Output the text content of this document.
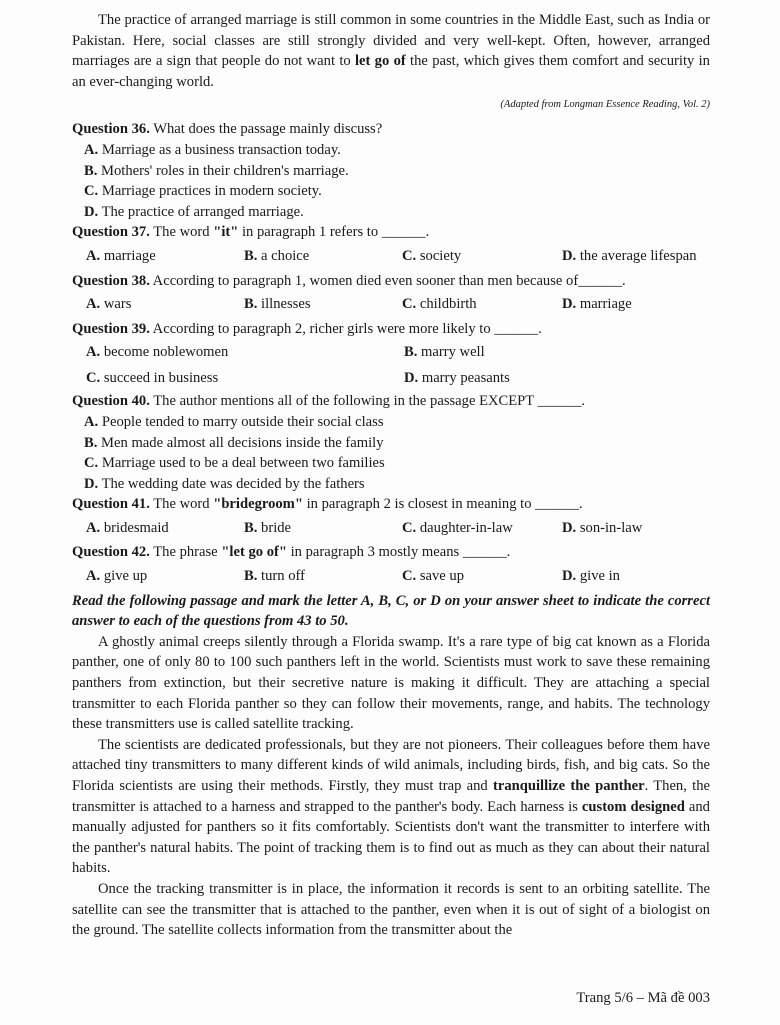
The practice of arranged marriage is still common in some countries in the Middle East, such as India or Pakistan. Here, social classes are still strongly divided and very well-kept. Often, however, arranged marriages are a sign that people do not want to let go of the past, which gives them comfort and security in an ever-changing world.

(Adapted from Longman Essence Reading, Vol. 2)
Question 36. What does the passage mainly discuss?
A. Marriage as a business transaction today.
B. Mothers' roles in their children's marriage.
C. Marriage practices in modern society.
D. The practice of arranged marriage.
Question 37. The word "it" in paragraph 1 refers to ______.
A. marriage	B. a choice	C. society	D. the average lifespan
Question 38. According to paragraph 1, women died even sooner than men because of______.
A. wars	B. illnesses	C. childbirth	D. marriage
Question 39. According to paragraph 2, richer girls were more likely to ______.
A. become noblewomen	B. marry well
C. succeed in business	D. marry peasants
Question 40. The author mentions all of the following in the passage EXCEPT ______.
A. People tended to marry outside their social class
B. Men made almost all decisions inside the family
C. Marriage used to be a deal between two families
D. The wedding date was decided by the fathers
Question 41. The word "bridegroom" in paragraph 2 is closest in meaning to ______.
A. bridesmaid	B. bride	C. daughter-in-law	D. son-in-law
Question 42. The phrase "let go of" in paragraph 3 mostly means ______.
A. give up	B. turn off	C. save up	D. give in

Read the following passage and mark the letter A, B, C, or D on your answer sheet to indicate the correct answer to each of the questions from 43 to 50.

A ghostly animal creeps silently through a Florida swamp. It's a rare type of big cat known as a Florida panther, one of only 80 to 100 such panthers left in the world. Scientists must work to save these remaining panthers from extinction, but their secretive nature is making it difficult. They are attaching a special transmitter to each Florida panther so they can follow their movements, range, and habits. The technology these transmitters use is called satellite tracking.

The scientists are dedicated professionals, but they are not pioneers. Their colleagues before them have attached tiny transmitters to many different kinds of wild animals, including birds, fish, and big cats. So the Florida scientists are using their methods. Firstly, they must trap and tranquillize the panther. Then, the transmitter is attached to a harness and strapped to the panther's body. Each harness is custom designed and manually adjusted for panthers so it fits comfortably. Scientists don't want the transmitter to interfere with the panther's natural habits. The point of tracking them is to find out as much as they can about their natural habits.

Once the tracking transmitter is in place, the information it records is sent to an orbiting satellite. The satellite can see the transmitter that is attached to the panther, even when it is out of sight of a biologist on the ground. The satellite collects information from the transmitter about the

Trang 5/6 – Mã đề 003
